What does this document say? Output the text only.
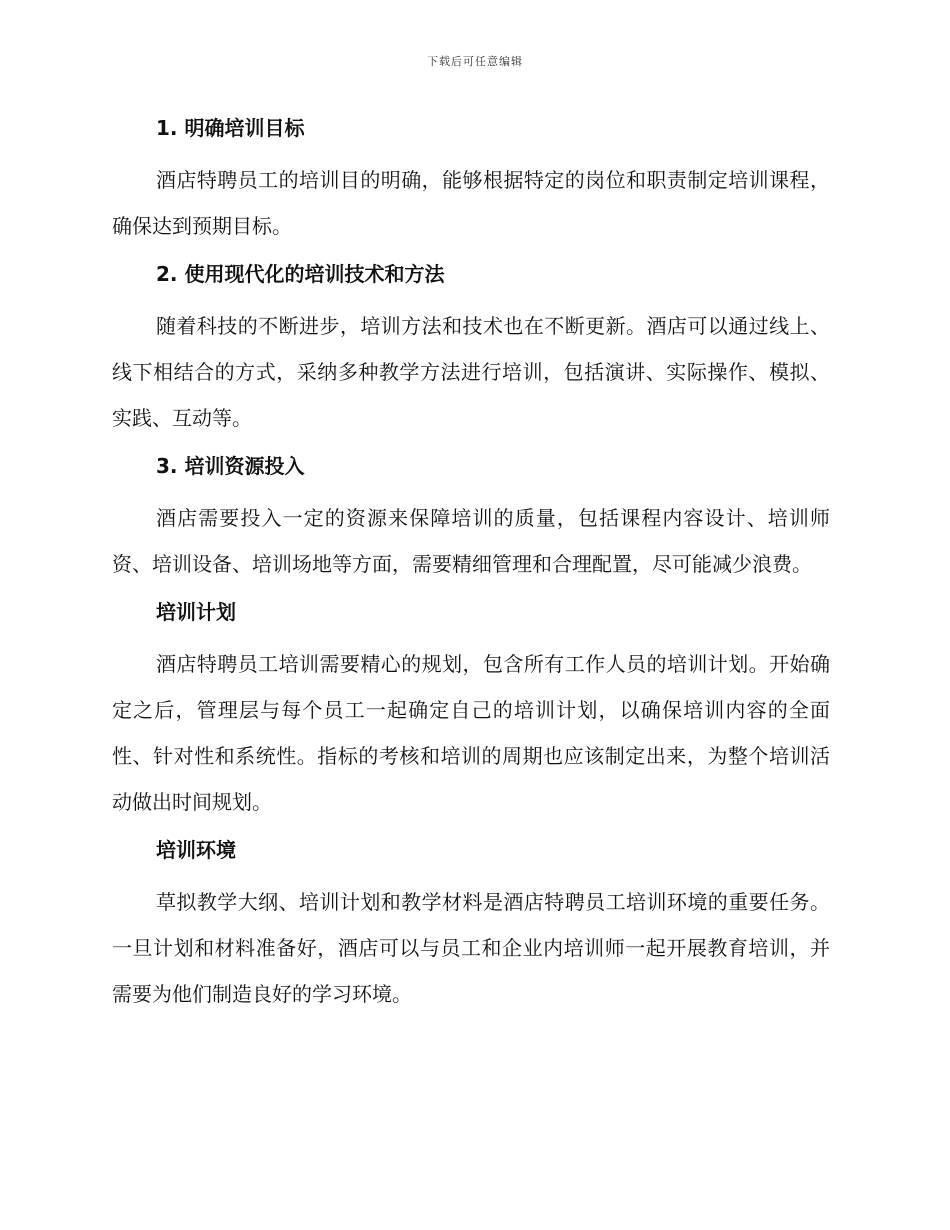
下载后可任意编辑
1. 明确培训目标

酒店特聘员工的培训目的明确，能够根据特定的岗位和职责制定培训课程，确保达到预期目标。

2. 使用现代化的培训技术和方法

随着科技的不断进步，培训方法和技术也在不断更新。酒店可以通过线上、线下相结合的方式，采纳多种教学方法进行培训，包括演讲、实际操作、模拟、实践、互动等。

3. 培训资源投入

酒店需要投入一定的资源来保障培训的质量，包括课程内容设计、培训师资、培训设备、培训场地等方面，需要精细管理和合理配置，尽可能减少浪费。

培训计划

酒店特聘员工培训需要精心的规划，包含所有工作人员的培训计划。开始确定之后，管理层与每个员工一起确定自己的培训计划，以确保培训内容的全面性、针对性和系统性。指标的考核和培训的周期也应该制定出来，为整个培训活动做出时间规划。

培训环境

草拟教学大纲、培训计划和教学材料是酒店特聘员工培训环境的重要任务。一旦计划和材料准备好，酒店可以与员工和企业内培训师一起开展教育培训，并需要为他们制造良好的学习环境。
